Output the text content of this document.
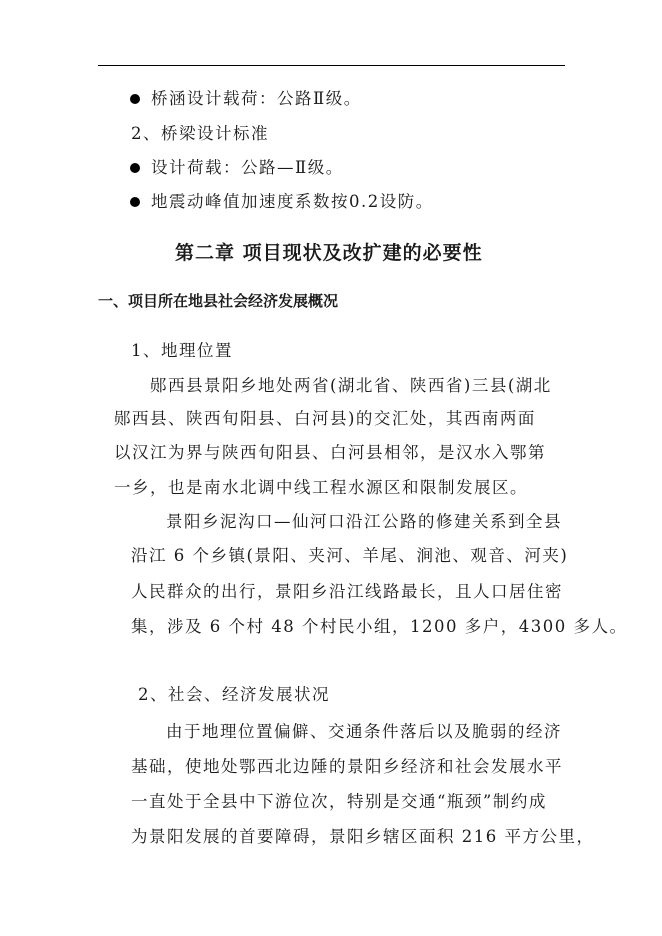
桥涵设计载荷：公路Ⅱ级。
2、桥梁设计标准
设计荷载：公路—Ⅱ级。
地震动峰值加速度系数按0.2设防。
第二章 项目现状及改扩建的必要性
一、项目所在地县社会经济发展概况
1、地理位置
郧西县景阳乡地处两省(湖北省、陕西省)三县(湖北
郧西县、陕西旬阳县、白河县)的交汇处，其西南两面
以汉江为界与陕西旬阳县、白河县相邻，是汉水入鄂第
一乡，也是南水北调中线工程水源区和限制发展区。
景阳乡泥沟口—仙河口沿江公路的修建关系到全县
沿江 6 个乡镇(景阳、夹河、羊尾、涧池、观音、河夹)
人民群众的出行，景阳乡沿江线路最长，且人口居住密
集，涉及 6 个村 48 个村民小组，1200 多户，4300 多人。
2、社会、经济发展状况
由于地理位置偏僻、交通条件落后以及脆弱的经济
基础，使地处鄂西北边陲的景阳乡经济和社会发展水平
一直处于全县中下游位次，特别是交通“瓶颈”制约成
为景阳发展的首要障碍，景阳乡辖区面积 216 平方公里，
